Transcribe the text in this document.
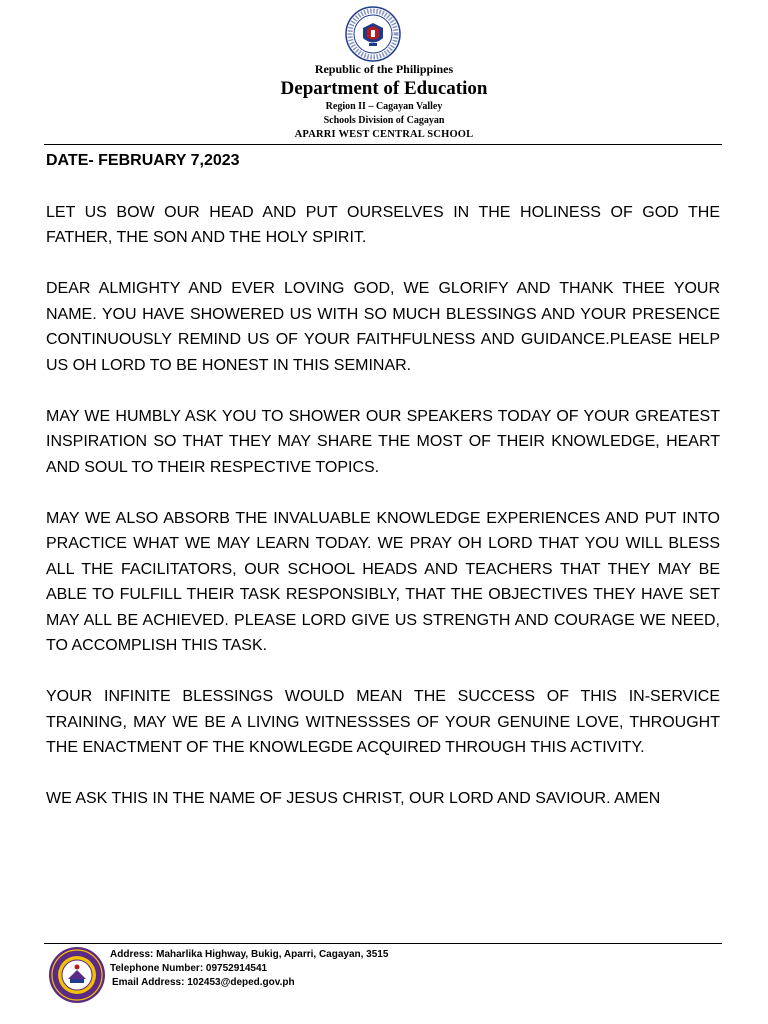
Republic of the Philippines
Department of Education
Region II – Cagayan Valley
Schools Division of Cagayan
APARRI WEST CENTRAL SCHOOL

DATE- FEBRUARY 7,2023

LET US BOW OUR HEAD AND PUT OURSELVES IN THE HOLINESS OF GOD THE FATHER, THE SON AND THE HOLY SPIRIT.

DEAR ALMIGHTY AND EVER LOVING GOD, WE GLORIFY AND THANK THEE YOUR NAME. YOU HAVE SHOWERED US WITH SO MUCH BLESSINGS AND YOUR PRESENCE CONTINUOUSLY REMIND US OF YOUR FAITHFULNESS AND GUIDANCE.PLEASE HELP US OH LORD TO BE HONEST IN THIS SEMINAR.

MAY WE HUMBLY ASK YOU TO SHOWER OUR SPEAKERS TODAY OF YOUR GREATEST INSPIRATION SO THAT THEY MAY SHARE THE MOST OF THEIR KNOWLEDGE, HEART AND SOUL TO THEIR RESPECTIVE TOPICS.

MAY WE ALSO ABSORB THE INVALUABLE KNOWLEDGE EXPERIENCES AND PUT INTO PRACTICE WHAT WE MAY LEARN TODAY. WE PRAY OH LORD THAT YOU WILL BLESS ALL THE FACILITATORS, OUR SCHOOL HEADS AND TEACHERS THAT THEY MAY BE ABLE TO FULFILL THEIR TASK RESPONSIBLY, THAT THE OBJECTIVES THEY HAVE SET MAY ALL BE ACHIEVED. PLEASE LORD GIVE US STRENGTH AND COURAGE WE NEED, TO ACCOMPLISH THIS TASK.

YOUR INFINITE BLESSINGS WOULD MEAN THE SUCCESS OF THIS IN-SERVICE TRAINING, MAY WE BE A LIVING WITNESSSES OF YOUR GENUINE LOVE, THROUGHT THE ENACTMENT OF THE KNOWLEGDE ACQUIRED THROUGH THIS ACTIVITY.

WE ASK THIS IN THE NAME OF JESUS CHRIST, OUR LORD AND SAVIOUR. AMEN

Address: Maharlika Highway, Bukig, Aparri, Cagayan, 3515
Telephone Number: 09752914541
Email Address: 102453@deped.gov.ph
